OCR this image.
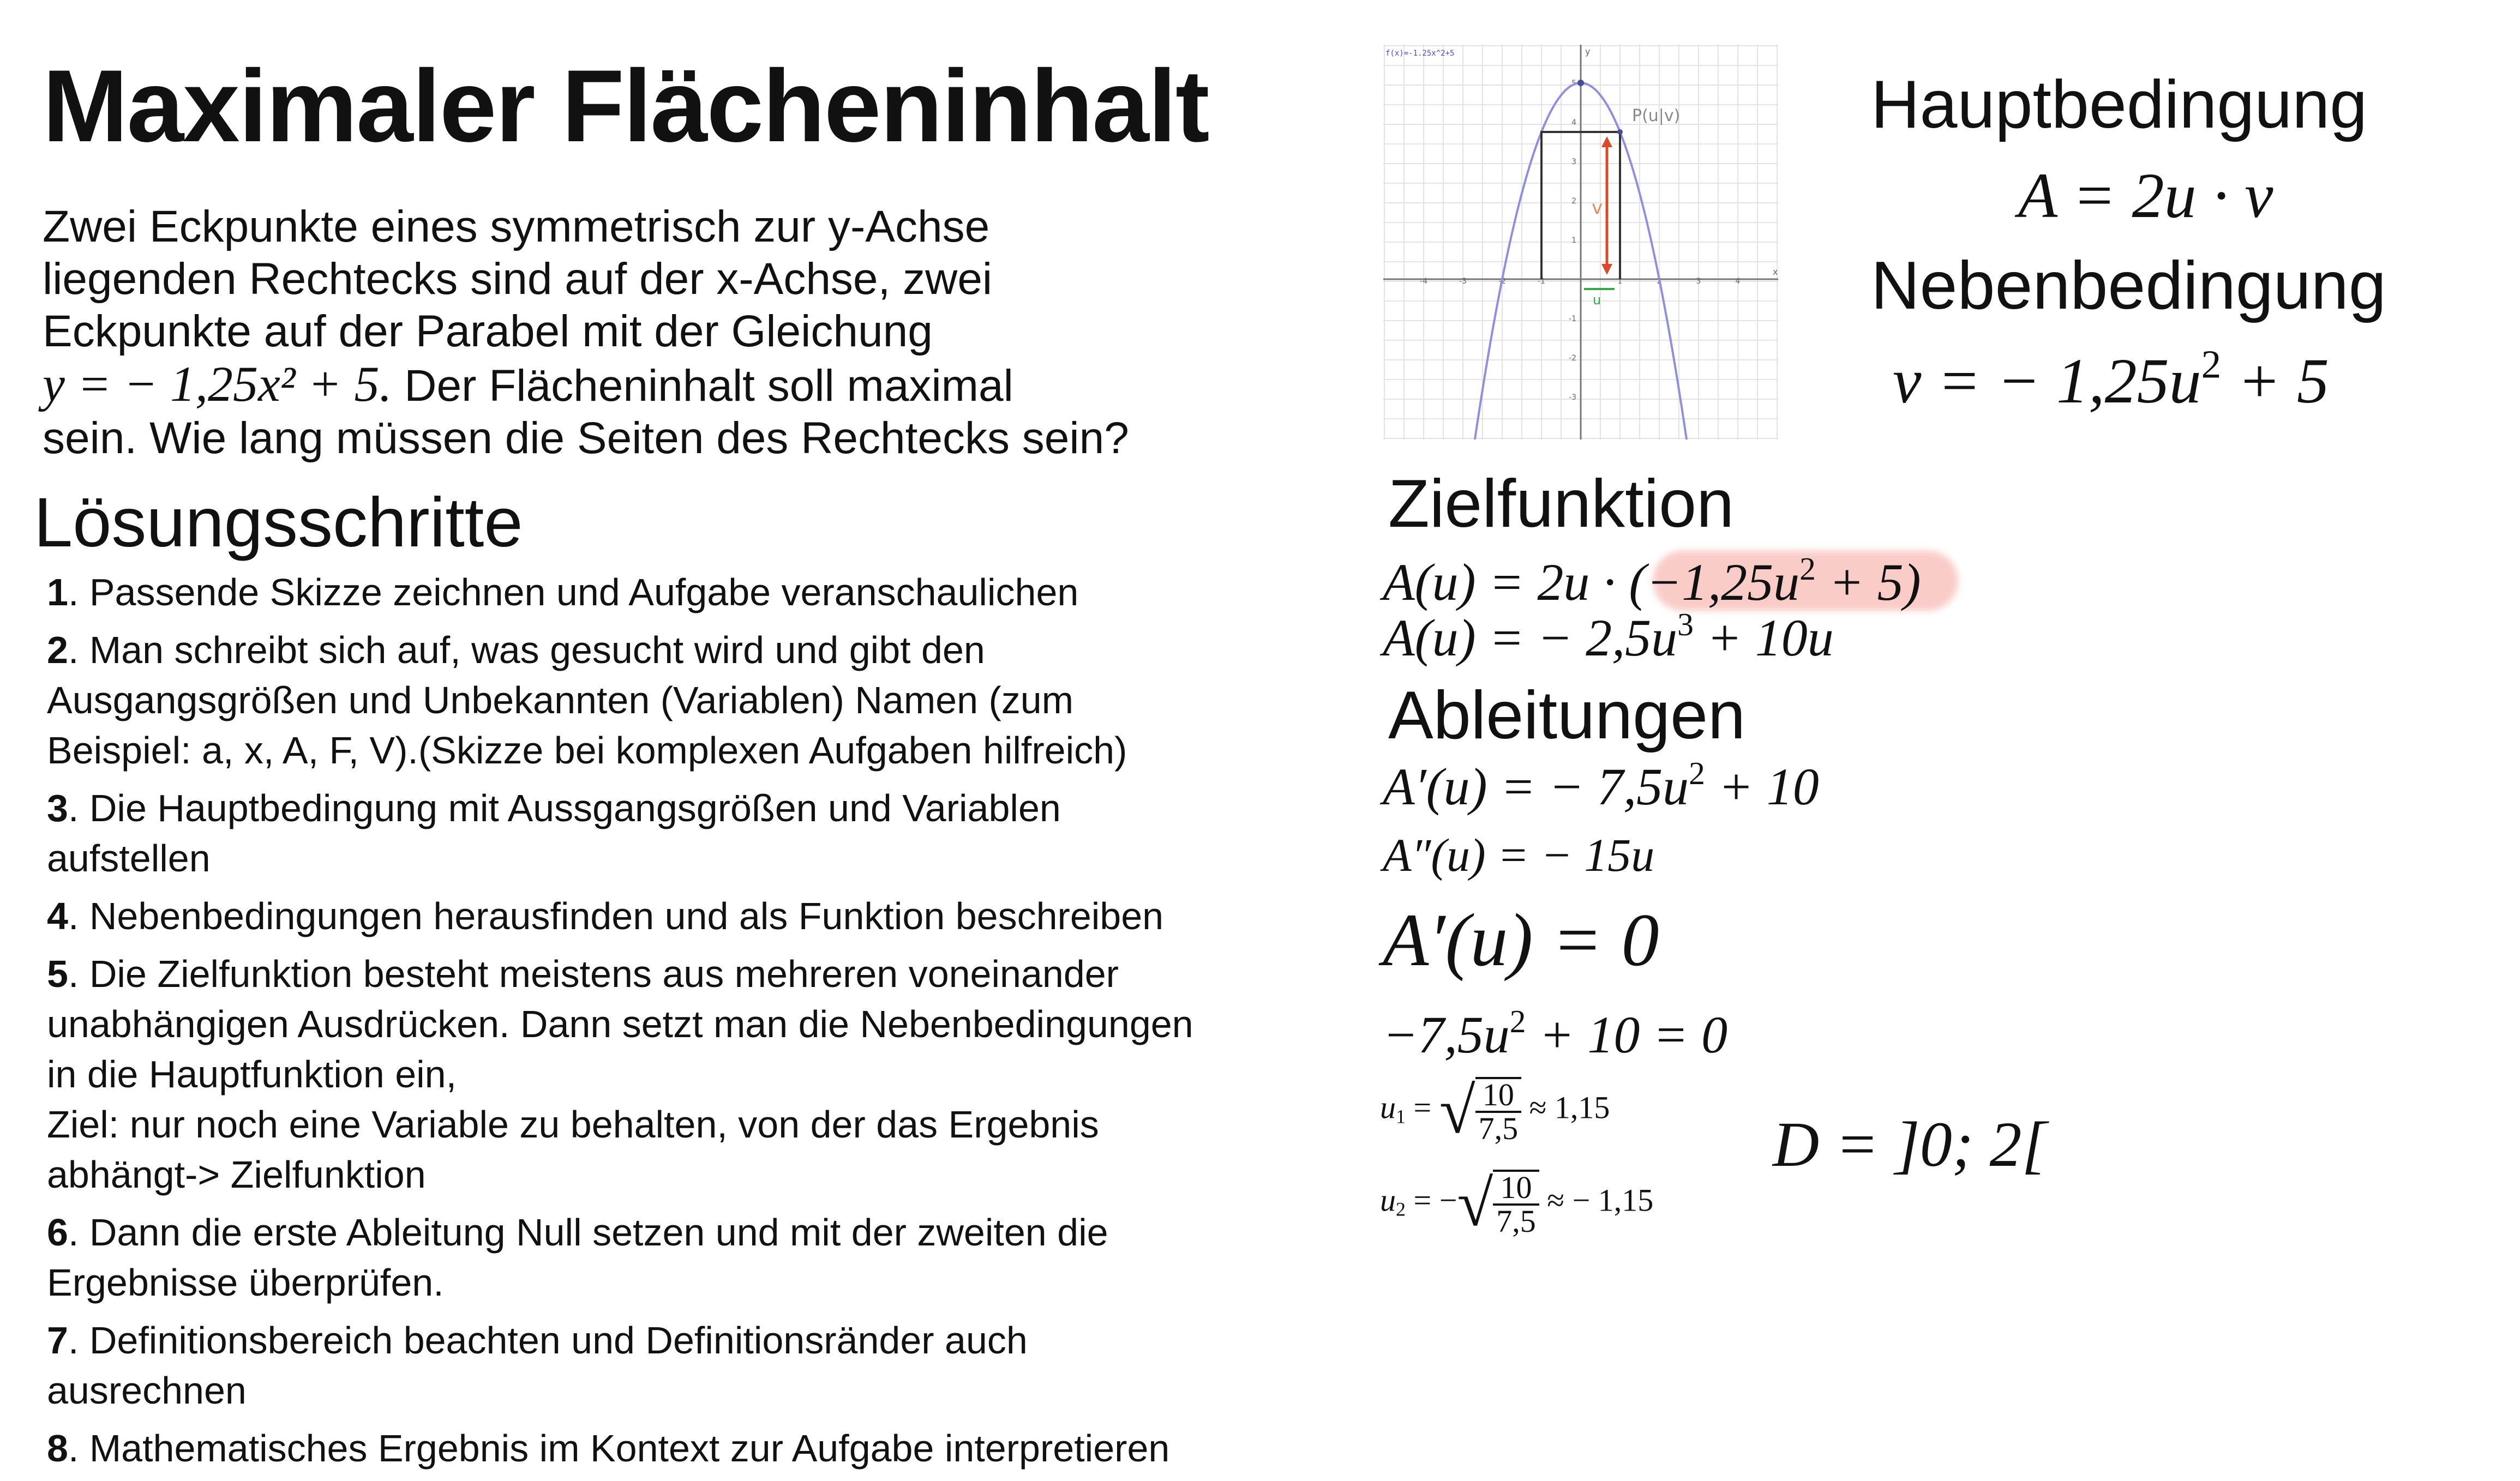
Maximaler Flächeninhalt

Zwei Eckpunkte eines symmetrisch zur y-Achse

liegenden Rechtecks sind auf der x-Achse, zwei

Eckpunkte auf der Parabel mit der Gleichung

y = − 1,25x² + 5. Der Flächeninhalt soll maximal

sein. Wie lang müssen die Seiten des Rechtecks sein?

Lösungsschritte
1. Passende Skizze zeichnen und Aufgabe veranschaulichen
2. Man schreibt sich auf, was gesucht wird und gibt den
Ausgangsgrößen und Unbekannten (Variablen) Namen (zum
Beispiel: a, x, A, F, V).(Skizze bei komplexen Aufgaben hilfreich)
3. Die Hauptbedingung mit Aussgangsgrößen und Variablen
aufstellen
4. Nebenbedingungen herausfinden und als Funktion beschreiben
5. Die Zielfunktion besteht meistens aus mehreren voneinander
unabhängigen Ausdrücken. Dann setzt man die Nebenbedingungen
in die Hauptfunktion ein,
Ziel: nur noch eine Variable zu behalten, von der das Ergebnis
abhängt-> Zielfunktion
6. Dann die erste Ableitung Null setzen und mit der zweiten die
Ergebnisse überprüfen.
7. Definitionsbereich beachten und Definitionsränder auch
ausrechnen
8. Mathematisches Ergebnis im Kontext zur Aufgabe interpretieren
-4	-3	-2	-1	1	2	3	4
5
4
3
2
1
-1
-2
-3
x
y
v
u
P(u|v)
f(x)=-1.25x^2+5
Hauptbedingung
A = 2u · v
Nebenbedingung
v = − $1,25u^2 + 5$
Zielfunktion
$A(u) = 2u \cdot (-1,25u^2 + 5)$
A(u) = − $2,5u^3 + 10u$
Ableitungen
A′(u) = − $7,5u^2 + 10$
A″(u) = − 15u
A′(u) = 0
$-7,5u^2 + 10 = 0$
$u_1$ = √ $\frac{10}{7,5} \approx 1,15$
$u_2$ = −√ $\frac{10}{7,5}$ ≈ − 1,15
D = ]0; 2[
